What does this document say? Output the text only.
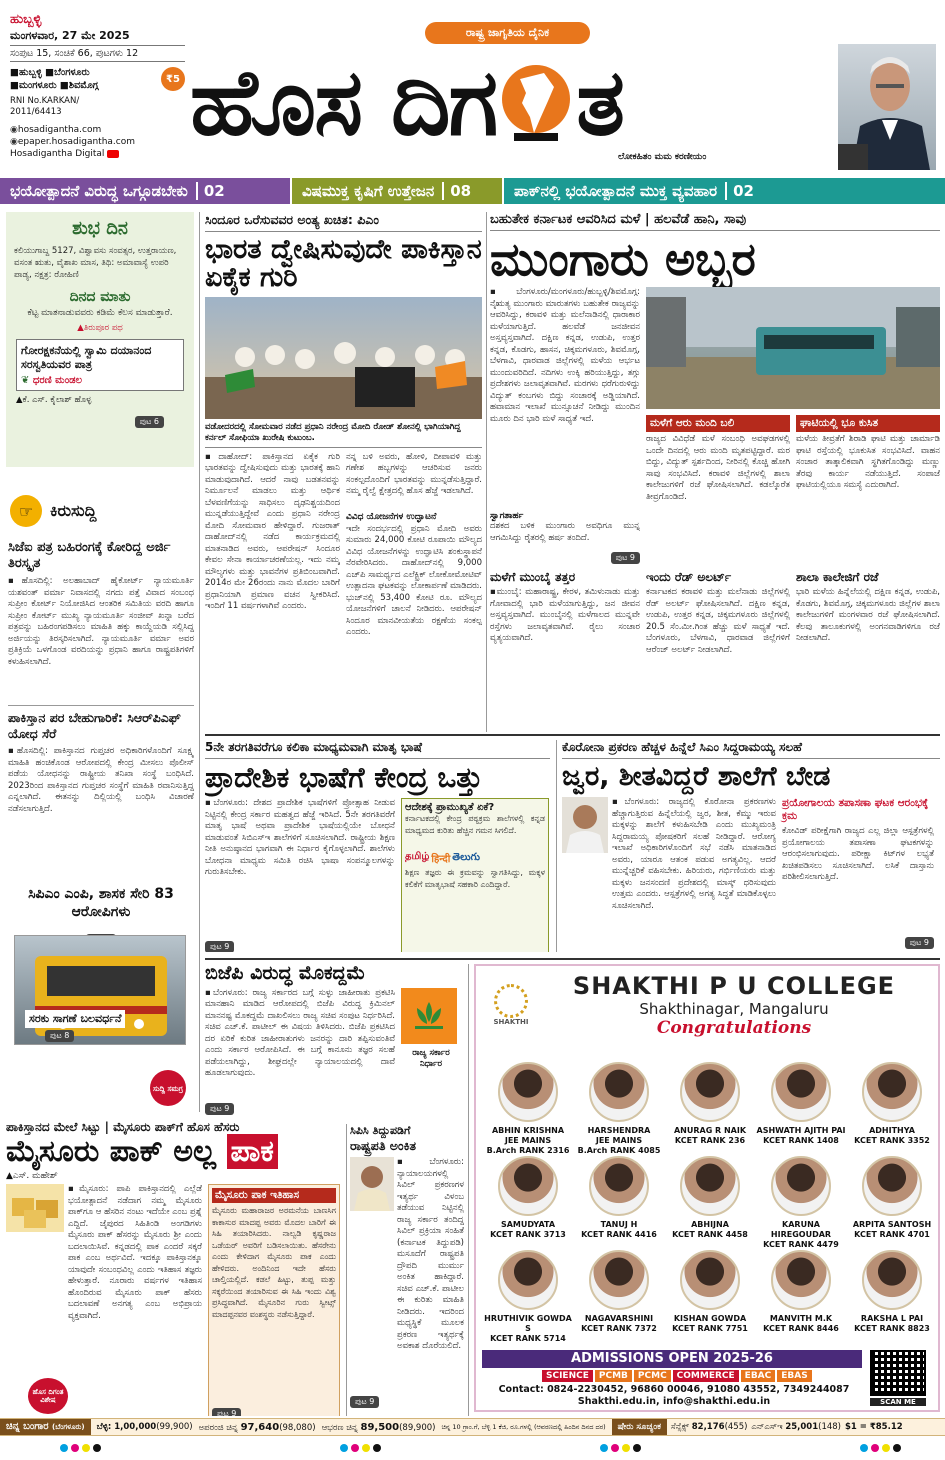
ಹುಬ್ಬಳ್ಳಿ
ಮಂಗಳವಾರ, 27 ಮೇ 2025
ಸಂಪುಟ 15, ಸಂಚಿಕೆ 66, ಪುಟಗಳು 12
■ಹುಬ್ಬಳ್ಳಿ ■ಬೆಂಗಳೂರು
■ಮಂಗಳೂರು ■ಶಿವಮೊಗ್ಗ
₹5
RNI No.KARKAN/ 2011/64413
◉hosadigantha.com
◉epaper.hosadigantha.com
Hosadigantha Digital
ರಾಷ್ಟ್ರ ಜಾಗೃತಿಯ ದೈನಿಕ
ಹೊಸ ದಿಗ ತ
ಲೋಕಹಿತಂ ಮಮ ಕರಣೀಯಂ
ಭಯೋತ್ಪಾದನೆ ವಿರುದ್ಧ ಒಗ್ಗೂಡಬೇಕು	02	ವಿಷಮುಕ್ತ ಕೃಷಿಗೆ ಉತ್ತೇಜನ	08	ಪಾಕ್‌ನಲ್ಲಿ ಭಯೋತ್ಪಾದನೆ ಮುಕ್ತ ವ್ಯವಹಾರ	02
ಶುಭ ದಿನ
ಕಲಿಯುಗಾಬ್ದ 5127, ವಿಶ್ವಾವಸು ಸಂವತ್ಸರ, ಉತ್ತರಾಯಣ, ವಸಂತ ಋತು, ವೈಶಾಖ ಮಾಸ, ತಿಥಿ: ಅಮಾವಾಸ್ಯೆ ಉಪರಿ ಪಾಡ್ಯ, ನಕ್ಷತ್ರ: ರೋಹಿಣಿ
ದಿನದ ಮಾತು
ಕೆಟ್ಟ ಮಾತನಾಡುವವರು ಕಡಿಮೆ ಕೆಲಸ ಮಾಡುತ್ತಾರೆ.
▲ತಿರುಪೂರ ಪಥ
ಗೋರಕ್ಷಕನೆಯಲ್ಲಿ ಸ್ವಾಮಿ ದಯಾನಂದ ಸರಸ್ವತಿಯವರ ಪಾತ್ರ
❦ ಧರಣಿ ಮಂಡಲ
▲ಕೆ. ಎಸ್. ಕೈಲಾಶ್ ಹೊಳ್ಳ
ಪುಟ 6
☞	ಕಿರುಸುದ್ದಿ
ಸಿಜೆಐ ಪತ್ರ ಬಹಿರಂಗಕ್ಕೆ ಕೋರಿದ್ದ ಅರ್ಜಿ ತಿರಸ್ಕೃತ
▪ಹೊಸದಿಲ್ಲಿ: ಅಲಹಾಬಾದ್ ಹೈಕೋರ್ಟ್ ನ್ಯಾಯಮೂರ್ತಿ ಯಶವಂತ್ ವರ್ಮಾ ನಿವಾಸದಲ್ಲಿ ನಗದು ಪತ್ತೆ ವಿವಾದ ಸಂಬಂಧ ಸುಪ್ರೀಂ ಕೋರ್ಟ್ ನಿಯೋಜಿಸಿದ ಆಂತರಿಕ ಸಮಿತಿಯ ವರದಿ ಹಾಗೂ ಸುಪ್ರೀಂ ಕೋರ್ಟ್ ಮುಖ್ಯ ನ್ಯಾಯಮೂರ್ತಿ ಸಂಜೀವ್ ಖನ್ನಾ ಬರೆದ ಪತ್ರವನ್ನು ಬಹಿರಂಗಪಡಿಸಲು ಮಾಹಿತಿ ಹಕ್ಕು ಕಾಯ್ದೆಯಡಿ ಸಲ್ಲಿಸಿದ್ದ ಅರ್ಜಿಯನ್ನು ತಿರಸ್ಕರಿಸಲಾಗಿದೆ. ನ್ಯಾಯಮೂರ್ತಿ ವರ್ಮಾ ಅವರ ಪ್ರತಿಕ್ರಿಯೆ ಒಳಗೊಂಡ ವರದಿಯನ್ನು ಪ್ರಧಾನಿ ಹಾಗೂ ರಾಷ್ಟ್ರಪತಿಗಳಿಗೆ ಕಳುಹಿಸಲಾಗಿದೆ.
ಪಾಕಿಸ್ತಾನ ಪರ ಬೇಹುಗಾರಿಕೆ: ಸಿಆರ್‌ಪಿಎಫ್ ಯೋಧ ಸೆರೆ
▪ಹೊಸದಿಲ್ಲಿ: ಪಾಕಿಸ್ತಾನದ ಗುಪ್ತಚರ ಅಧಿಕಾರಿಗಳೊಂದಿಗೆ ಸೂಕ್ಷ್ಮ ಮಾಹಿತಿ ಹಂಚಿಕೊಂಡ ಆರೋಪದಲ್ಲಿ ಕೇಂದ್ರ ಮೀಸಲು ಪೊಲೀಸ್ ಪಡೆಯ ಯೋಧನನ್ನು ರಾಷ್ಟ್ರೀಯ ತನಿಖಾ ಸಂಸ್ಥೆ ಬಂಧಿಸಿದೆ. 2023ರಿಂದ ಪಾಕಿಸ್ತಾನದ ಗುಪ್ತಚರ ಸಂಸ್ಥೆಗೆ ಮಾಹಿತಿ ರವಾನಿಸುತ್ತಿದ್ದ ಎನ್ನಲಾಗಿದೆ. ಈತನನ್ನು ದಿಲ್ಲಿಯಲ್ಲಿ ಬಂಧಿಸಿ ವಿಚಾರಣೆ ನಡೆಸಲಾಗುತ್ತಿದೆ.
ಸಿಪಿಎಂ ಎಂಪಿ, ಶಾಸಕ ಸೇರಿ 83 ಆರೋಪಿಗಳು
ಸರಕು ಸಾಗಣೆ ಬಲವರ್ಧನೆ
ಪುಟ 8
ಸುದ್ದಿ ಸಮಗ್ರ
ಸಿಂದೂರ ಒರೆಸುವವರ ಅಂತ್ಯ ಖಚಿತ: ಪಿಎಂ
ಭಾರತ ದ್ವೇಷಿಸುವುದೇ ಪಾಕಿಸ್ತಾನ ಏಕೈಕ ಗುರಿ
ವಡೋದರದಲ್ಲಿ ಸೋಮವಾರ ನಡೆದ ಪ್ರಧಾನಿ ನರೇಂದ್ರ ಮೋದಿ ರೋಡ್ ಶೋನಲ್ಲಿ ಭಾಗಿಯಾಗಿದ್ದ ಕರ್ನಲ್ ಸೋಫಿಯಾ ಖುರೇಷಿ ಕುಟುಂಬ.
▪ದಾಹೋದ್: ಪಾಕಿಸ್ತಾನದ ಏಕೈಕ ಗುರಿ ಭಾರತವನ್ನು ದ್ವೇಷಿಸುವುದು ಮತ್ತು ಭಾರತಕ್ಕೆ ಹಾನಿ ಮಾಡುವುದಾಗಿದೆ. ಆದರೆ ನಾವು ಬಡತನವನ್ನು ನಿರ್ಮೂಲನೆ ಮಾಡಲು ಮತ್ತು ಆರ್ಥಿಕ ಬೆಳವಣಿಗೆಯನ್ನು ಸಾಧಿಸಲು ದೃಢನಿಶ್ಚಯದಿಂದ ಮುನ್ನಡೆಯುತ್ತಿದ್ದೇವೆ ಎಂದು ಪ್ರಧಾನಿ ನರೇಂದ್ರ ಮೋದಿ ಸೋಮವಾರ ಹೇಳಿದ್ದಾರೆ. ಗುಜರಾತ್ ದಾಹೋದ್‌ನಲ್ಲಿ ನಡೆದ ಕಾರ್ಯಕ್ರಮದಲ್ಲಿ ಮಾತನಾಡಿದ ಅವರು, ಆಪರೇಷನ್ ಸಿಂದೂರ ಕೇವಲ ಸೇನಾ ಕಾರ್ಯಾಚರಣೆಯಲ್ಲ. ಇದು ನಮ್ಮ ಮೌಲ್ಯಗಳು ಮತ್ತು ಭಾವನೆಗಳ ಪ್ರತಿಬಿಂಬವಾಗಿದೆ. 2014ರ ಮೇ 26ರಂದು ನಾನು ಮೊದಲ ಬಾರಿಗೆ ಪ್ರಧಾನಿಯಾಗಿ ಪ್ರಮಾಣ ವಚನ ಸ್ವೀಕರಿಸಿದೆ. ಇಂದಿಗೆ 11 ವರ್ಷಗಳಾಗಿವೆ ಎಂದರು.
ನನ್ನ ಬಳಿ ಅವರು, ಹೋಳಿ, ದೀಪಾವಳಿ ಮತ್ತು ಗಣೇಶ ಹಬ್ಬಗಳನ್ನು ಆಚರಿಸುವ ಜನರು ಸಂಕಲ್ಪದೊಂದಿಗೆ ಭಾರತವನ್ನು ಮುನ್ನಡೆಸುತ್ತಿದ್ದಾರೆ. ನಮ್ಮ ರೈಲ್ವೆ ಕ್ಷೇತ್ರದಲ್ಲಿ ಹೊಸ ಹೆಜ್ಜೆ ಇಡಲಾಗಿದೆ.
ವಿವಿಧ ಯೋಜನೆಗಳ ಉದ್ಘಾಟನೆ
ಇದೇ ಸಂದರ್ಭದಲ್ಲಿ ಪ್ರಧಾನಿ ಮೋದಿ ಅವರು ಸುಮಾರು 24,000 ಕೋಟಿ ರೂಪಾಯಿ ಮೌಲ್ಯದ ವಿವಿಧ ಯೋಜನೆಗಳನ್ನು ಉದ್ಘಾಟಿಸಿ ಶಂಕುಸ್ಥಾಪನೆ ನೆರವೇರಿಸಿದರು. ದಾಹೋದ್‌ನಲ್ಲಿ 9,000 ಎಚ್‌ಪಿ ಸಾಮರ್ಥ್ಯದ ಎಲೆಕ್ಟ್ರಿಕ್ ಲೋಕೋಮೋಟಿವ್ ಉತ್ಪಾದನಾ ಘಟಕವನ್ನು ಲೋಕಾರ್ಪಣೆ ಮಾಡಿದರು. ಭುಜ್‌ನಲ್ಲಿ 53,400 ಕೋಟಿ ರೂ. ಮೌಲ್ಯದ ಯೋಜನೆಗಳಿಗೆ ಚಾಲನೆ ನೀಡಿದರು. ಆಪರೇಷನ್ ಸಿಂದೂರ ಮಾನವೀಯತೆಯ ರಕ್ಷಣೆಯ ಸಂಕಲ್ಪ ಎಂದರು.
ಬಹುತೇಕ ಕರ್ನಾಟಕ ಆವರಿಸಿದ ಮಳೆ | ಹಲವೆಡೆ ಹಾನಿ, ಸಾವು
ಮುಂಗಾರು ಅಬ್ಬರ
▪ಬೆಂಗಳೂರು/ಮಂಗಳೂರು/ಹುಬ್ಬಳ್ಳಿ/ಶಿವಮೊಗ್ಗ: ನೈಋತ್ಯ ಮುಂಗಾರು ಮಾರುತಗಳು ಬಹುತೇಕ ರಾಜ್ಯವನ್ನು ಆವರಿಸಿದ್ದು, ಕರಾವಳಿ ಮತ್ತು ಮಲೆನಾಡಿನಲ್ಲಿ ಧಾರಾಕಾರ ಮಳೆಯಾಗುತ್ತಿದೆ. ಹಲವೆಡೆ ಜನಜೀವನ ಅಸ್ತವ್ಯಸ್ತವಾಗಿದೆ. ದಕ್ಷಿಣ ಕನ್ನಡ, ಉಡುಪಿ, ಉತ್ತರ ಕನ್ನಡ, ಕೊಡಗು, ಹಾಸನ, ಚಿಕ್ಕಮಗಳೂರು, ಶಿವಮೊಗ್ಗ, ಬೆಳಗಾವಿ, ಧಾರವಾಡ ಜಿಲ್ಲೆಗಳಲ್ಲಿ ಮಳೆಯ ಆರ್ಭಟ ಮುಂದುವರಿದಿದೆ. ನದಿಗಳು ಉಕ್ಕಿ ಹರಿಯುತ್ತಿದ್ದು, ತಗ್ಗು ಪ್ರದೇಶಗಳು ಜಲಾವೃತವಾಗಿವೆ. ಮರಗಳು ಧರೆಗುರುಳಿದ್ದು ವಿದ್ಯುತ್ ಕಂಬಗಳು ಬಿದ್ದು ಸಂಚಾರಕ್ಕೆ ಅಡ್ಡಿಯಾಗಿದೆ. ಹವಾಮಾನ ಇಲಾಖೆ ಮುನ್ಸೂಚನೆ ನೀಡಿದ್ದು ಮುಂದಿನ ಮೂರು ದಿನ ಭಾರಿ ಮಳೆ ಸಾಧ್ಯತೆ ಇದೆ.
ಸ್ವಾಗತಾರ್ಹ
ದಶಕದ ಬಳಿಕ ಮುಂಗಾರು ಅವಧಿಗೂ ಮುನ್ನ ಆಗಮಿಸಿದ್ದು ರೈತರಲ್ಲಿ ಹರ್ಷ ತಂದಿದೆ.
ಪುಟ 9
ಮಳೆಗೆ ಆರು ಮಂದಿ ಬಲಿ
ರಾಜ್ಯದ ವಿವಿಧೆಡೆ ಮಳೆ ಸಂಬಂಧಿ ಅವಘಡಗಳಲ್ಲಿ ಒಂದೇ ದಿನದಲ್ಲಿ ಆರು ಮಂದಿ ಮೃತಪಟ್ಟಿದ್ದಾರೆ. ಮರ ಬಿದ್ದು, ವಿದ್ಯುತ್ ಸ್ಪರ್ಶದಿಂದ, ನೀರಿನಲ್ಲಿ ಕೊಚ್ಚಿ ಹೋಗಿ ಸಾವು ಸಂಭವಿಸಿದೆ. ಕರಾವಳಿ ಜಿಲ್ಲೆಗಳಲ್ಲಿ ಶಾಲಾ ಕಾಲೇಜುಗಳಿಗೆ ರಜೆ ಘೋಷಿಸಲಾಗಿದೆ. ಕಡಲ್ಕೊರೆತ ತೀವ್ರಗೊಂಡಿದೆ.
ಘಾಟಿಯಲ್ಲಿ ಭೂ ಕುಸಿತ
ಮಳೆಯ ತೀವ್ರತೆಗೆ ಶಿರಾಡಿ ಘಾಟಿ ಮತ್ತು ಚಾರ್ಮಾಡಿ ಘಾಟಿ ರಸ್ತೆಯಲ್ಲಿ ಭೂಕುಸಿತ ಸಂಭವಿಸಿದೆ. ವಾಹನ ಸಂಚಾರ ತಾತ್ಕಾಲಿಕವಾಗಿ ಸ್ಥಗಿತಗೊಂಡಿದ್ದು ಮಣ್ಣು ತೆರವು ಕಾರ್ಯ ನಡೆಯುತ್ತಿದೆ. ಸಂಪಾಜೆ ಘಾಟಿಯಲ್ಲಿಯೂ ಸಮಸ್ಯೆ ಎದುರಾಗಿದೆ.
ಮಳೆಗೆ ಮುಂಬೈ ತತ್ತರ
▪ಮುಂಬೈ: ಮಹಾರಾಷ್ಟ್ರ, ಕೇರಳ, ತಮಿಳುನಾಡು ಮತ್ತು ಗೋವಾದಲ್ಲಿ ಭಾರಿ ಮಳೆಯಾಗುತ್ತಿದ್ದು, ಜನ ಜೀವನ ಅಸ್ತವ್ಯಸ್ತವಾಗಿದೆ. ಮುಂಬೈನಲ್ಲಿ ಮಳೆಗಾಲದ ಮುನ್ನವೇ ರಸ್ತೆಗಳು ಜಲಾವೃತವಾಗಿವೆ. ರೈಲು ಸಂಚಾರ ವ್ಯತ್ಯಯವಾಗಿದೆ.
ಇಂದು ರೆಡ್ ಅಲರ್ಟ್
ಕರ್ನಾಟಕದ ಕರಾವಳಿ ಮತ್ತು ಮಲೆನಾಡು ಜಿಲ್ಲೆಗಳಲ್ಲಿ ರೆಡ್ ಅಲರ್ಟ್ ಘೋಷಿಸಲಾಗಿದೆ. ದಕ್ಷಿಣ ಕನ್ನಡ, ಉಡುಪಿ, ಉತ್ತರ ಕನ್ನಡ, ಚಿಕ್ಕಮಗಳೂರು ಜಿಲ್ಲೆಗಳಲ್ಲಿ 20.5 ಸೆಂ.ಮೀ.ಗಿಂತ ಹೆಚ್ಚು ಮಳೆ ಸಾಧ್ಯತೆ ಇದೆ. ಬೆಂಗಳೂರು, ಬೆಳಗಾವಿ, ಧಾರವಾಡ ಜಿಲ್ಲೆಗಳಿಗೆ ಆರೆಂಜ್ ಅಲರ್ಟ್ ನೀಡಲಾಗಿದೆ.
ಶಾಲಾ ಕಾಲೇಜಿಗೆ ರಜೆ
ಭಾರಿ ಮಳೆಯ ಹಿನ್ನೆಲೆಯಲ್ಲಿ ದಕ್ಷಿಣ ಕನ್ನಡ, ಉಡುಪಿ, ಕೊಡಗು, ಶಿವಮೊಗ್ಗ, ಚಿಕ್ಕಮಗಳೂರು ಜಿಲ್ಲೆಗಳ ಶಾಲಾ ಕಾಲೇಜುಗಳಿಗೆ ಮಂಗಳವಾರ ರಜೆ ಘೋಷಿಸಲಾಗಿದೆ. ಕೆಲವು ತಾಲೂಕುಗಳಲ್ಲಿ ಅಂಗನವಾಡಿಗಳಿಗೂ ರಜೆ ನೀಡಲಾಗಿದೆ.
5ನೇ ತರಗತಿವರೆಗೂ ಕಲಿಕಾ ಮಾಧ್ಯಮವಾಗಿ ಮಾತೃ ಭಾಷೆ
ಪ್ರಾದೇಶಿಕ ಭಾಷೆಗೆ ಕೇಂದ್ರ ಒತ್ತು
▪ಬೆಂಗಳೂರು: ದೇಶದ ಪ್ರಾದೇಶಿಕ ಭಾಷೆಗಳಿಗೆ ಪ್ರೋತ್ಸಾಹ ನೀಡುವ ನಿಟ್ಟಿನಲ್ಲಿ ಕೇಂದ್ರ ಸರ್ಕಾರ ಮಹತ್ವದ ಹೆಜ್ಜೆ ಇರಿಸಿದೆ. 5ನೇ ತರಗತಿವರೆಗೆ ಮಾತೃ ಭಾಷೆ ಅಥವಾ ಪ್ರಾದೇಶಿಕ ಭಾಷೆಯಲ್ಲಿಯೇ ಬೋಧನೆ ಮಾಡುವಂತೆ ಸಿಬಿಎಸ್‌ಇ ಶಾಲೆಗಳಿಗೆ ಸೂಚಿಸಲಾಗಿದೆ. ರಾಷ್ಟ್ರೀಯ ಶಿಕ್ಷಣ ನೀತಿ ಅನುಷ್ಠಾನದ ಭಾಗವಾಗಿ ಈ ನಿರ್ಧಾರ ಕೈಗೊಳ್ಳಲಾಗಿದೆ. ಶಾಲೆಗಳು ಬೋಧನಾ ಮಾಧ್ಯಮ ಸಮಿತಿ ರಚಿಸಿ ಭಾಷಾ ಸಂಪನ್ಮೂಲಗಳನ್ನು ಗುರುತಿಸಬೇಕು.
ಪುಟ 9
ಆದೇಶಕ್ಕೆ ಪ್ರಾಮುಖ್ಯತೆ ಏಕೆ?
ಕರ್ನಾಟಕದಲ್ಲಿ ಕೇಂದ್ರ ಪಠ್ಯಕ್ರಮ ಶಾಲೆಗಳಲ್ಲಿ ಕನ್ನಡ ಮಾಧ್ಯಮದ ಕುರಿತು ಹೆಚ್ಚಿನ ಗಮನ ಸಿಗಲಿದೆ.
தமிழ் हिन्दी తెలుగు
ಶಿಕ್ಷಣ ತಜ್ಞರು ಈ ಕ್ರಮವನ್ನು ಸ್ವಾಗತಿಸಿದ್ದು, ಮಕ್ಕಳ ಕಲಿಕೆಗೆ ಮಾತೃಭಾಷೆ ಸಹಕಾರಿ ಎಂದಿದ್ದಾರೆ.
ಕೊರೋನಾ ಪ್ರಕರಣ ಹೆಚ್ಚಳ ಹಿನ್ನೆಲೆ ಸಿಎಂ ಸಿದ್ದರಾಮಯ್ಯ ಸಲಹೆ
ಜ್ವರ, ಶೀತವಿದ್ದರೆ ಶಾಲೆಗೆ ಬೇಡ
▪ಬೆಂಗಳೂರು: ರಾಜ್ಯದಲ್ಲಿ ಕೊರೋನಾ ಪ್ರಕರಣಗಳು ಹೆಚ್ಚಾಗುತ್ತಿರುವ ಹಿನ್ನೆಲೆಯಲ್ಲಿ ಜ್ವರ, ಶೀತ, ಕೆಮ್ಮು ಇರುವ ಮಕ್ಕಳನ್ನು ಶಾಲೆಗೆ ಕಳುಹಿಸಬೇಡಿ ಎಂದು ಮುಖ್ಯಮಂತ್ರಿ ಸಿದ್ದರಾಮಯ್ಯ ಪೋಷಕರಿಗೆ ಸಲಹೆ ನೀಡಿದ್ದಾರೆ. ಆರೋಗ್ಯ ಇಲಾಖೆ ಅಧಿಕಾರಿಗಳೊಂದಿಗೆ ಸಭೆ ನಡೆಸಿ ಮಾತನಾಡಿದ ಅವರು, ಯಾರೂ ಆತಂಕ ಪಡುವ ಅಗತ್ಯವಿಲ್ಲ. ಆದರೆ ಮುನ್ನೆಚ್ಚರಿಕೆ ವಹಿಸಬೇಕು. ಹಿರಿಯರು, ಗರ್ಭಿಣಿಯರು ಮತ್ತು ಮಕ್ಕಳು ಜನಸಂದಣಿ ಪ್ರದೇಶದಲ್ಲಿ ಮಾಸ್ಕ್ ಧರಿಸುವುದು ಉತ್ತಮ ಎಂದರು. ಆಸ್ಪತ್ರೆಗಳಲ್ಲಿ ಅಗತ್ಯ ಸಿದ್ಧತೆ ಮಾಡಿಕೊಳ್ಳಲು ಸೂಚಿಸಲಾಗಿದೆ.
ಪ್ರಯೋಗಾಲಯ ತಪಾಸಣಾ ಘಟಕ ಆರಂಭಕ್ಕೆ ಕ್ರಮ
ಕೋವಿಡ್ ಪರೀಕ್ಷೆಗಾಗಿ ರಾಜ್ಯದ ಎಲ್ಲ ಜಿಲ್ಲಾ ಆಸ್ಪತ್ರೆಗಳಲ್ಲಿ ಪ್ರಯೋಗಾಲಯ ತಪಾಸಣಾ ಘಟಕಗಳನ್ನು ಆರಂಭಿಸಲಾಗುವುದು. ಪರೀಕ್ಷಾ ಕಿಟ್‌ಗಳ ಲಭ್ಯತೆ ಖಚಿತಪಡಿಸಲು ಸೂಚಿಸಲಾಗಿದೆ. ಲಸಿಕೆ ದಾಸ್ತಾನು ಪರಿಶೀಲಿಸಲಾಗುತ್ತಿದೆ.
ಪುಟ 9
ಬಿಜೆಪಿ ವಿರುದ್ಧ ಮೊಕದ್ದಮೆ
▪ಬೆಂಗಳೂರು: ರಾಜ್ಯ ಸರ್ಕಾರದ ಬಗ್ಗೆ ಸುಳ್ಳು ಜಾಹೀರಾತು ಪ್ರಕಟಿಸಿ ಮಾನಹಾನಿ ಮಾಡಿದ ಆರೋಪದಲ್ಲಿ ಬಿಜೆಪಿ ವಿರುದ್ಧ ಕ್ರಿಮಿನಲ್ ಮಾನನಷ್ಟ ಮೊಕದ್ದಮೆ ದಾಖಲಿಸಲು ರಾಜ್ಯ ಸಚಿವ ಸಂಪುಟ ನಿರ್ಧರಿಸಿದೆ. ಸಚಿವ ಎಚ್.ಕೆ. ಪಾಟೀಲ್ ಈ ವಿಷಯ ತಿಳಿಸಿದರು. ಬಿಜೆಪಿ ಪ್ರಕಟಿಸಿದ ದರ ಏರಿಕೆ ಕುರಿತ ಜಾಹೀರಾತುಗಳು ಜನರನ್ನು ದಾರಿ ತಪ್ಪಿಸುವಂತಿವೆ ಎಂದು ಸರ್ಕಾರ ಆರೋಪಿಸಿದೆ. ಈ ಬಗ್ಗೆ ಕಾನೂನು ತಜ್ಞರ ಸಲಹೆ ಪಡೆಯಲಾಗಿದ್ದು, ಶೀಘ್ರದಲ್ಲೇ ನ್ಯಾಯಾಲಯದಲ್ಲಿ ದಾವೆ ಹೂಡಲಾಗುವುದು.
ಪುಟ 9
ರಾಜ್ಯ ಸರ್ಕಾರ ನಿರ್ಧಾರ
SHAKTHI
SHAKTHI P U COLLEGE
Shakthinagar, Mangaluru
Congratulations
ABHIN KRISHNA
JEE MAINS
B.Arch RANK 2316
HARSHENDRA
JEE MAINS
B.Arch RANK 4085
ANURAG R NAIK
KCET RANK 236
ASHWATH AJITH PAI
KCET RANK 1408
ADHITHYA
KCET RANK 3352
SAMUDYATA
KCET RANK 3713
TANUJ H
KCET RANK 4416
ABHIJNA
KCET RANK 4458
KARUNA HIREGOUDAR
KCET RANK 4479
ARPITA SANTOSH
KCET RANK 4701
HRUTHIVIK GOWDA S
KCET RANK 5714
NAGAVARSHINI
KCET RANK 7372
KISHAN GOWDA
KCET RANK 7751
MANVITH M.K
KCET RANK 8446
RAKSHA L PAI
KCET RANK 8823
ADMISSIONS OPEN 2025-26
SCIENCE	PCMB	PCMC	COMMERCE	EBAC	EBAS
Contact: 0824-2230452, 96860 00046, 91080 43552, 7349244087
Shakthi.edu.in, info@shakthi.edu.in	SCAN ME
ಪಾಕಿಸ್ತಾನದ ಮೇಲೆ ಸಿಟ್ಟು | ಮೈಸೂರು ಪಾಕ್‌ಗೆ ಹೊಸ ಹೆಸರು
ಮೈಸೂರು ಪಾಕ್ ಅಲ್ಲ ಪಾಕ
▲ಎಸ್. ಮಹೇಶ್
▪ಮೈಸೂರು: ಪಾಪಿ ಪಾಕಿಸ್ತಾನದಲ್ಲಿ ಎಲ್ಲೆಡೆ ಭಯೋತ್ಪಾದನೆ ನಡೆದಾಗ ನಮ್ಮ ಮೈಸೂರು ಪಾಕ್‌ಗೂ ಆ ಹೆಸರಿನ ನಂಟು ಇದೆಯೇ ಎಂಬ ಪ್ರಶ್ನೆ ಎದ್ದಿದೆ. ಜೈಪುರದ ಸಿಹಿತಿಂಡಿ ಅಂಗಡಿಗಳು ಮೈಸೂರು ಪಾಕ್ ಹೆಸರನ್ನು ಮೈಸೂರು ಶ್ರೀ ಎಂದು ಬದಲಾಯಿಸಿವೆ. ಕನ್ನಡದಲ್ಲಿ ಪಾಕ ಎಂದರೆ ಸಕ್ಕರೆ ಪಾಕ ಎಂಬ ಅರ್ಥವಿದೆ. ಇದಕ್ಕೂ ಪಾಕಿಸ್ತಾನಕ್ಕೂ ಯಾವುದೇ ಸಂಬಂಧವಿಲ್ಲ ಎಂದು ಇತಿಹಾಸ ತಜ್ಞರು ಹೇಳುತ್ತಾರೆ. ನೂರಾರು ವರ್ಷಗಳ ಇತಿಹಾಸ ಹೊಂದಿರುವ ಮೈಸೂರು ಪಾಕ್ ಹೆಸರು ಬದಲಾವಣೆ ಅನಗತ್ಯ ಎಂಬ ಅಭಿಪ್ರಾಯ ವ್ಯಕ್ತವಾಗಿದೆ.
ಮೈಸೂರು ಪಾಕ ಇತಿಹಾಸ
ಮೈಸೂರು ಮಹಾರಾಜರ ಅರಮನೆಯ ಬಾಣಸಿಗ ಕಾಕಾಸುರ ಮಾದಪ್ಪ ಅವರು ಮೊದಲ ಬಾರಿಗೆ ಈ ಸಿಹಿ ತಯಾರಿಸಿದರು. ನಾಲ್ವಡಿ ಕೃಷ್ಣರಾಜ ಒಡೆಯರ್ ಅವರಿಗೆ ಬಡಿಸಲಾಯಿತು. ಹೆಸರೇನು ಎಂದು ಕೇಳಿದಾಗ ಮೈಸೂರು ಪಾಕ ಎಂದು ಹೇಳಿದರು. ಅಂದಿನಿಂದ ಇದೇ ಹೆಸರು ಚಾಲ್ತಿಯಲ್ಲಿದೆ. ಕಡಲೆ ಹಿಟ್ಟು, ತುಪ್ಪ ಮತ್ತು ಸಕ್ಕರೆಯಿಂದ ತಯಾರಿಸುವ ಈ ಸಿಹಿ ಇಂದು ವಿಶ್ವ ಪ್ರಸಿದ್ಧವಾಗಿದೆ. ಮೈಸೂರಿನ ಗುರು ಸ್ವೀಟ್ಸ್ ಮಾದಪ್ಪನವರ ವಂಶಸ್ಥರು ನಡೆಸುತ್ತಿದ್ದಾರೆ.
ಪುಟ 9
ಹೊಸ ದಿಗಂತ ವಿಶೇಷ
ಸಿಪಿಸಿ ತಿದ್ದುಪಡಿಗೆ
ರಾಷ್ಟ್ರಪತಿ ಅಂಕಿತ
▪ಬೆಂಗಳೂರು: ನ್ಯಾಯಾಲಯಗಳಲ್ಲಿ ಸಿವಿಲ್ ಪ್ರಕರಣಗಳ ಇತ್ಯರ್ಥ ವಿಳಂಬ ತಡೆಯುವ ನಿಟ್ಟಿನಲ್ಲಿ ರಾಜ್ಯ ಸರ್ಕಾರ ತಂದಿದ್ದ ಸಿವಿಲ್ ಪ್ರಕ್ರಿಯಾ ಸಂಹಿತೆ (ಕರ್ನಾಟಕ ತಿದ್ದುಪಡಿ) ಮಸೂದೆಗೆ ರಾಷ್ಟ್ರಪತಿ ದ್ರೌಪದಿ ಮುರ್ಮು ಅಂಕಿತ ಹಾಕಿದ್ದಾರೆ. ಸಚಿವ ಎಚ್.ಕೆ. ಪಾಟೀಲ ಈ ಕುರಿತು ಮಾಹಿತಿ ನೀಡಿದರು. ಇದರಿಂದ ಮಧ್ಯಸ್ಥಿಕೆ ಮೂಲಕ ಪ್ರಕರಣ ಇತ್ಯರ್ಥಕ್ಕೆ ಅವಕಾಶ ದೊರೆಯಲಿದೆ.
ಪುಟ 9
ಚಿನ್ನ ಬಂಗಾರ (ಬೆಂಗಳೂರು)	ಬೆಳ್ಳಿ: 1,00,000(99,900) ಅಪರಂಜಿ ಚಿನ್ನ 97,640(98,080) ಆಭರಣ ಚಿನ್ನ 89,500(89,900) ಚಿನ್ನ 10 ಗ್ರಾಂ.ಗೆ, ಬೆಳ್ಳಿ 1 ಕೆಜಿ, ರೂ.ಗಳಲ್ಲಿ (ಆವರಣದಲ್ಲಿ ಹಿಂದಿನ ದಿನದ ದರ)	ಷೇರು ಸೂಚ್ಯಂಕ	ಸೆನ್ಸೆಕ್ಸ್ 82,176(455) ಎನ್ಎಸ್ಇ 25,001(148) $1 = ₹85.12
